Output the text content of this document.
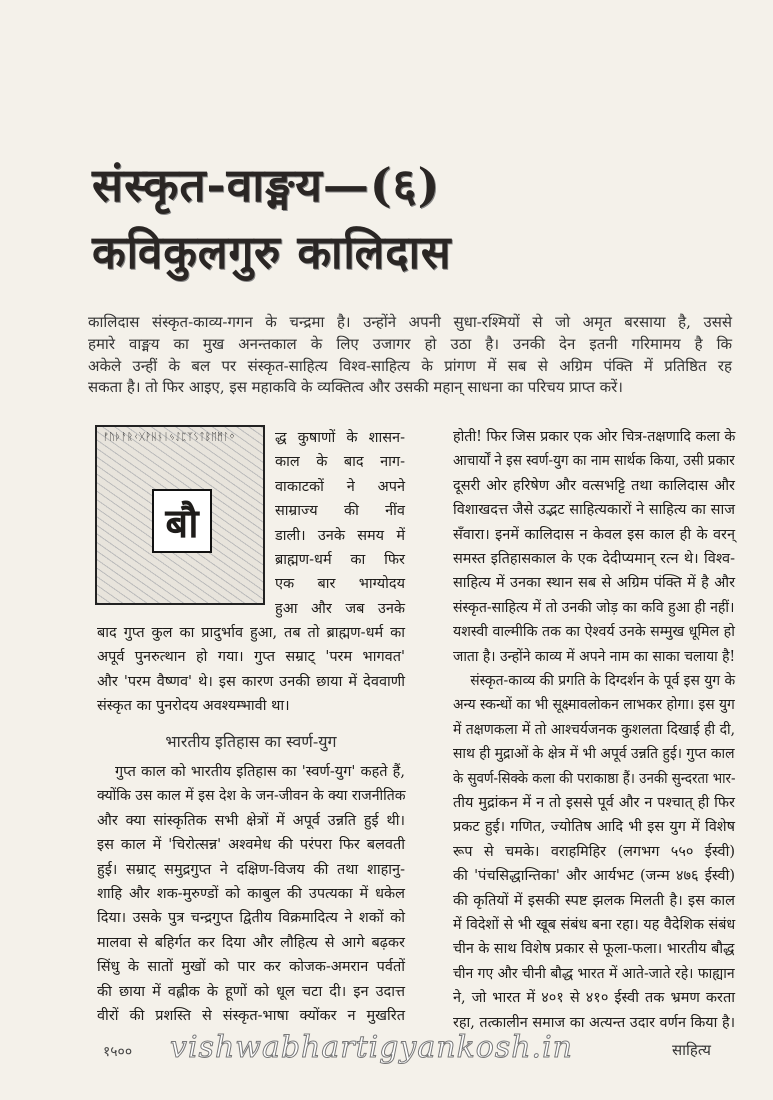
संस्कृत-वाङ्मय—(६)
कविकुलगुरु कालिदास
कालिदास संस्कृत-काव्य-गगन के चन्द्रमा है। उन्होंने अपनी सुधा-रश्मियों से जो अमृत बरसाया है, उससे
हमारे वाङ्मय का मुख अनन्तकाल के लिए उजागर हो उठा है। उनकी देन इतनी गरिमामय है कि
अकेले उन्हीं के बल पर संस्कृत-साहित्य विश्व-साहित्य के प्रांगण में सब से अग्रिम पंक्ति में प्रतिष्ठित रह
सकता है। तो फिर आइए, इस महाकवि के व्यक्तित्व और उसकी महान् साधना का परिचय प्राप्त करें।
ᚠᚢᚦᚨᚱᚲᚷᚹᚺᚾᛁᛃᛇᛈᛉᛊᛏᛒᛖᛗᛚᛜ
बौ
द्ध कुषाणों के शासन-
काल के बाद नाग-
वाकाटकों ने अपने
साम्राज्य की नींव
डाली। उनके समय में
ब्राह्मण-धर्म का फिर
एक बार भाग्योदय
हुआ और जब उनके
बाद गुप्त कुल का प्रादुर्भाव हुआ, तब तो ब्राह्मण-धर्म का
अपूर्व पुनरुत्थान हो गया। गुप्त सम्राट् 'परम भागवत'
और 'परम वैष्णव' थे। इस कारण उनकी छाया में देववाणी
संस्कृत का पुनरोदय अवश्यम्भावी था।
गुप्त काल को भारतीय इतिहास का 'स्वर्ण-युग' कहते हैं,
क्योंकि उस काल में इस देश के जन-जीवन के क्या राजनीतिक
और क्या सांस्कृतिक सभी क्षेत्रों में अपूर्व उन्नति हुई थी।
इस काल में 'चिरोत्सन्न' अश्वमेध की परंपरा फिर बलवती
हुई। सम्राट् समुद्रगुप्त ने दक्षिण-विजय की तथा शाहानु-
शाहि और शक-मुरुण्डों को काबुल की उपत्यका में धकेल
दिया। उसके पुत्र चन्द्रगुप्त द्वितीय विक्रमादित्य ने शकों को
मालवा से बहिर्गत कर दिया और लौहित्य से आगे बढ़कर
सिंधु के सातों मुखों को पार कर कोजक-अमरान पर्वतों
की छाया में वह्लीक के हूणों को धूल चटा दी। इन उदात्त
वीरों की प्रशस्ति से संस्कृत-भाषा क्योंकर न मुखरित
भारतीय इतिहास का स्वर्ण-युग
होती! फिर जिस प्रकार एक ओर चित्र-तक्षणादि कला के
आचार्यों ने इस स्वर्ण-युग का नाम सार्थक किया, उसी प्रकार
दूसरी ओर हरिषेण और वत्सभट्टि तथा कालिदास और
विशाखदत्त जैसे उद्भट साहित्यकारों ने साहित्य का साज
सँवारा। इनमें कालिदास न केवल इस काल ही के वरन्
समस्त इतिहासकाल के एक देदीप्यमान् रत्न थे। विश्व-
साहित्य में उनका स्थान सब से अग्रिम पंक्ति में है और
संस्कृत-साहित्य में तो उनकी जोड़ का कवि हुआ ही नहीं।
यशस्वी वाल्मीकि तक का ऐश्वर्य उनके सम्मुख धूमिल हो
जाता है। उन्होंने काव्य में अपने नाम का साका चलाया है!
संस्कृत-काव्य की प्रगति के दिग्दर्शन के पूर्व इस युग के
अन्य स्कन्धों का भी सूक्ष्मावलोकन लाभकर होगा। इस युग
में तक्षणकला में तो आश्चर्यजनक कुशलता दिखाई ही दी,
साथ ही मुद्राओं के क्षेत्र में भी अपूर्व उन्नति हुई। गुप्त काल
के सुवर्ण-सिक्के कला की पराकाष्ठा हैं। उनकी सुन्दरता भार-
तीय मुद्रांकन में न तो इससे पूर्व और न पश्चात् ही फिर
प्रकट हुई। गणित, ज्योतिष आदि भी इस युग में विशेष
रूप से चमके। वराहमिहिर (लगभग ५५० ईस्वी)
की 'पंचसिद्धान्तिका' और आर्यभट (जन्म ४७६ ईस्वी)
की कृतियों में इसकी स्पष्ट झलक मिलती है। इस काल
में विदेशों से भी खूब संबंध बना रहा। यह वैदेशिक संबंध
चीन के साथ विशेष प्रकार से फूला-फला। भारतीय बौद्ध
चीन गए और चीनी बौद्ध भारत में आते-जाते रहे। फाह्यान
ने, जो भारत में ४०१ से ४१० ईस्वी तक भ्रमण करता
रहा, तत्कालीन समाज का अत्यन्त उदार वर्णन किया है।
१५०० vishwabhartigyankosh.in	साहित्य
